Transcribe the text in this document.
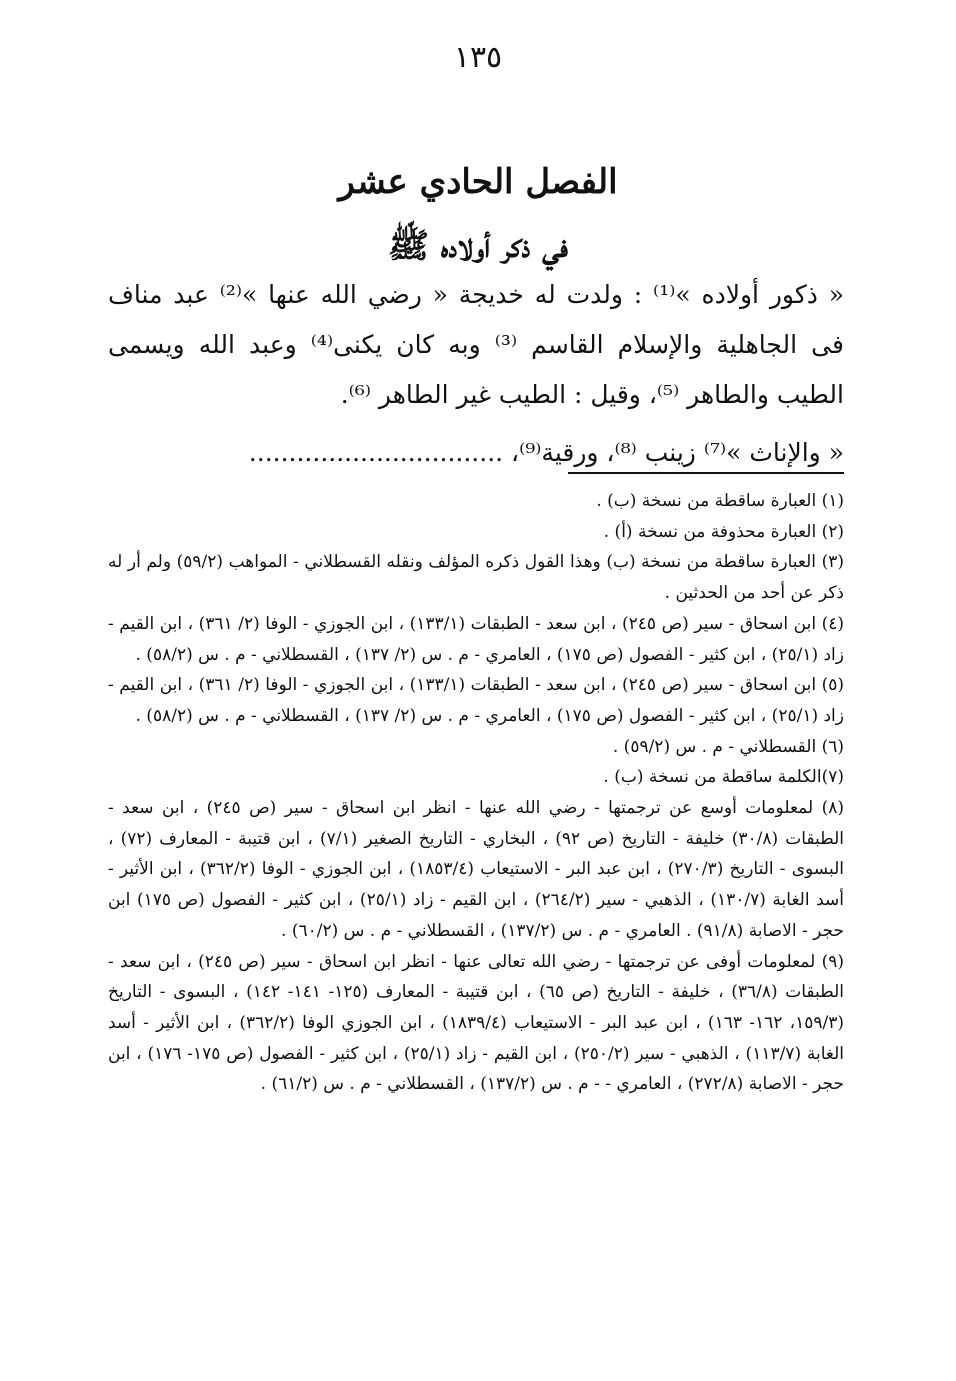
١٣٥
الفصل الحادي عشر
في ذكر أولاده ﷺ

« ذكور أولاده »⁽¹⁾ : ولدت له خديجة « رضي الله عنها »⁽²⁾ عبد مناف فى الجاهلية والإسلام القاسم ⁽³⁾ وبه كان يكنى⁽⁴⁾ وعبد الله ويسمى الطيب والطاهر ⁽⁵⁾، وقيل : الطيب غير الطاهر ⁽⁶⁾.

« والإناث »⁽⁷⁾ زينب ⁽⁸⁾، ورقية⁽⁹⁾، ................................

(١) العبارة ساقطة من نسخة (ب) .

(٢) العبارة محذوفة من نسخة (أ) .

(٣) العبارة ساقطة من نسخة (ب) وهذا القول ذكره المؤلف ونقله القسطلاني - المواهب (٥٩/٢) ولم أر له ذكر عن أحد من الحدثين .

(٤) ابن اسحاق - سير (ص ٢٤٥) ، ابن سعد - الطبقات (١٣٣/١) ، ابن الجوزي - الوفا (٢/ ٣٦١) ، ابن القيم - زاد (٢٥/١) ، ابن كثير - الفصول (ص ١٧٥) ، العامري - م . س (٢/ ١٣٧) ، القسطلاني - م . س (٥٨/٢) .

(٥) ابن اسحاق - سير (ص ٢٤٥) ، ابن سعد - الطبقات (١٣٣/١) ، ابن الجوزي - الوفا (٢/ ٣٦١) ، ابن القيم - زاد (٢٥/١) ، ابن كثير - الفصول (ص ١٧٥) ، العامري - م . س (٢/ ١٣٧) ، القسطلاني - م . س (٥٨/٢) .

(٦) القسطلاني - م . س (٥٩/٢) .

(٧)الكلمة ساقطة من نسخة (ب) .

(٨) لمعلومات أوسع عن ترجمتها - رضي الله عنها - انظر ابن اسحاق - سير (ص ٢٤٥) ، ابن سعد - الطبقات (٣٠/٨) خليفة - التاريخ (ص ٩٢) ، البخاري - التاريخ الصغير (٧/١) ، ابن قتيبة - المعارف (٧٢) ، البسوى - التاريخ (٢٧٠/٣) ، ابن عبد البر - الاستيعاب (١٨٥٣/٤) ، ابن الجوزي - الوفا (٣٦٢/٢) ، ابن الأثير - أسد الغابة (١٣٠/٧) ، الذهبي - سير (٢٦٤/٢) ، ابن القيم - زاد (٢٥/١) ، ابن كثير - الفصول (ص ١٧٥) ابن حجر - الاصابة (٩١/٨) . العامري - م . س (١٣٧/٢) ، القسطلاني - م . س (٦٠/٢) .

(٩) لمعلومات أوفى عن ترجمتها - رضي الله تعالى عنها - انظر ابن اسحاق - سير (ص ٢٤٥) ، ابن سعد - الطبقات (٣٦/٨) ، خليفة - التاريخ (ص ٦٥) ، ابن قتيبة - المعارف (١٢٥- ١٤١- ١٤٢) ، البسوى - التاريخ (١٥٩/٣، ١٦٢- ١٦٣) ، ابن عبد البر - الاستيعاب (١٨٣٩/٤) ، ابن الجوزي الوفا (٣٦٢/٢) ، ابن الأثير - أسد الغابة (١١٣/٧) ، الذهبي - سير (٢٥٠/٢) ، ابن القيم - زاد (٢٥/١) ، ابن كثير - الفصول (ص ١٧٥- ١٧٦) ، ابن حجر - الاصابة (٢٧٢/٨) ، العامري - - م . س (١٣٧/٢) ، القسطلاني - م . س (٦١/٢) .
